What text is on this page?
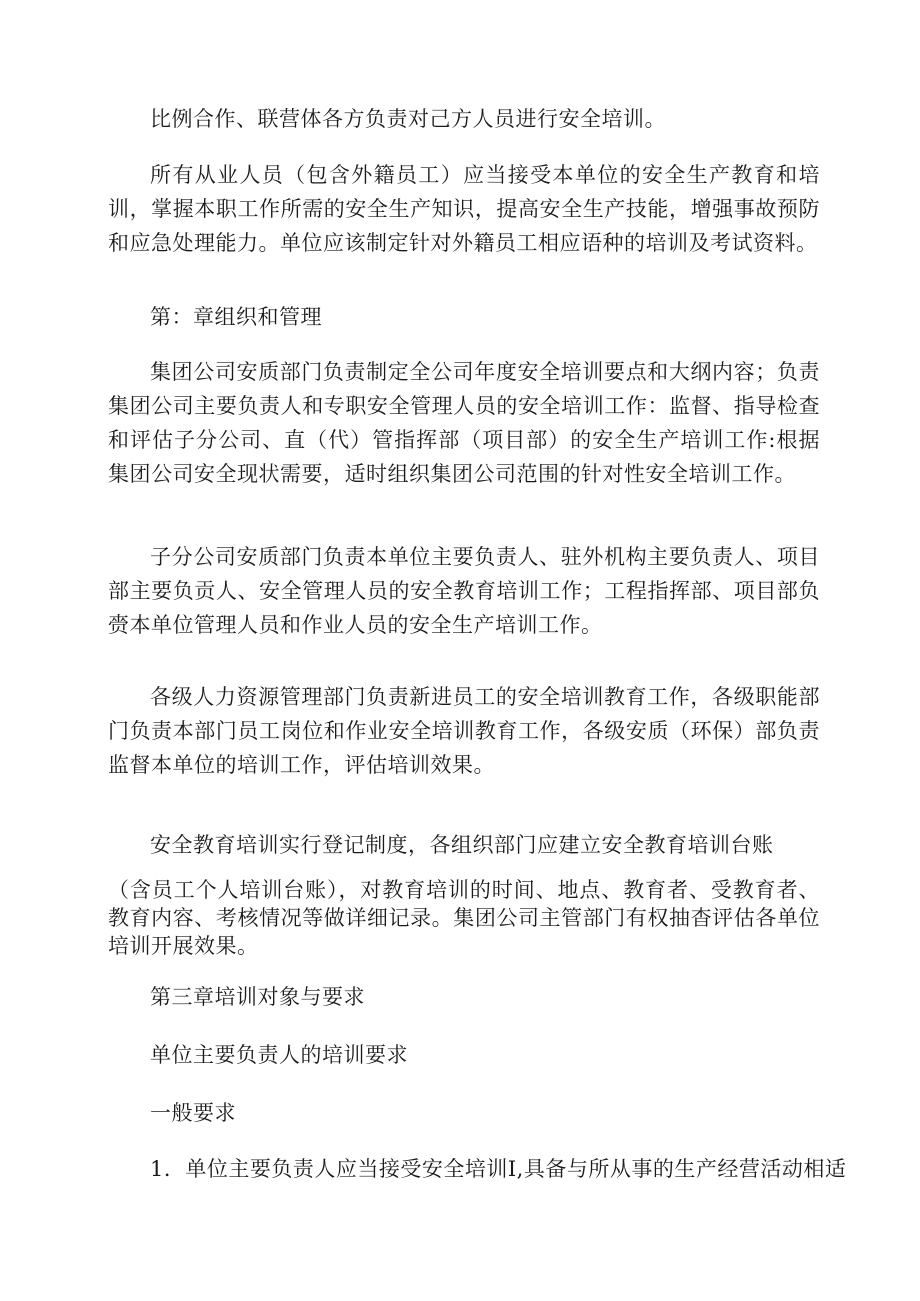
比例合作、联营体各方负责对己方人员进行安全培训。

所有从业人员（包含外籍员工）应当接受本单位的安全生产教育和培训，掌握本职工作所需的安全生产知识，提高安全生产技能，增强事故预防和应急处理能力。单位应该制定针对外籍员工相应语种的培训及考试资料。

第：章组织和管理

集团公司安质部门负责制定全公司年度安全培训要点和大纲内容；负责集团公司主要负责人和专职安全管理人员的安全培训工作：监督、指导检查和评估子分公司、直（代）管指挥部（项目部）的安全生产培训工作:根据集团公司安全现状需要，适时组织集团公司范围的针对性安全培训工作。

子分公司安质部门负责本单位主要负责人、驻外机构主要负责人、项目部主要负贡人、安全管理人员的安全教育培训工作；工程指挥部、项目部负赍本单位管理人员和作业人员的安全生产培训工作。

各级人力资源管理部门负责新进员工的安全培训教育工作，各级职能部门负责本部门员工岗位和作业安全培训教育工作，各级安质（环保）部负责监督本单位的培训工作，评估培训效果。

安全教育培训实行登记制度，各组织部门应建立安全教育培训台账

（含员工个人培训台账），对教育培训的时间、地点、教育者、受教育者、教育内容、考核情况等做详细记录。集团公司主管部门有权抽杳评估各单位培训开展效果。

第三章培训对象与要求

单位主要负责人的培训要求

一般要求

1．单位主要负责人应当接受安全培训I,具备与所从事的生产经营活动相适
